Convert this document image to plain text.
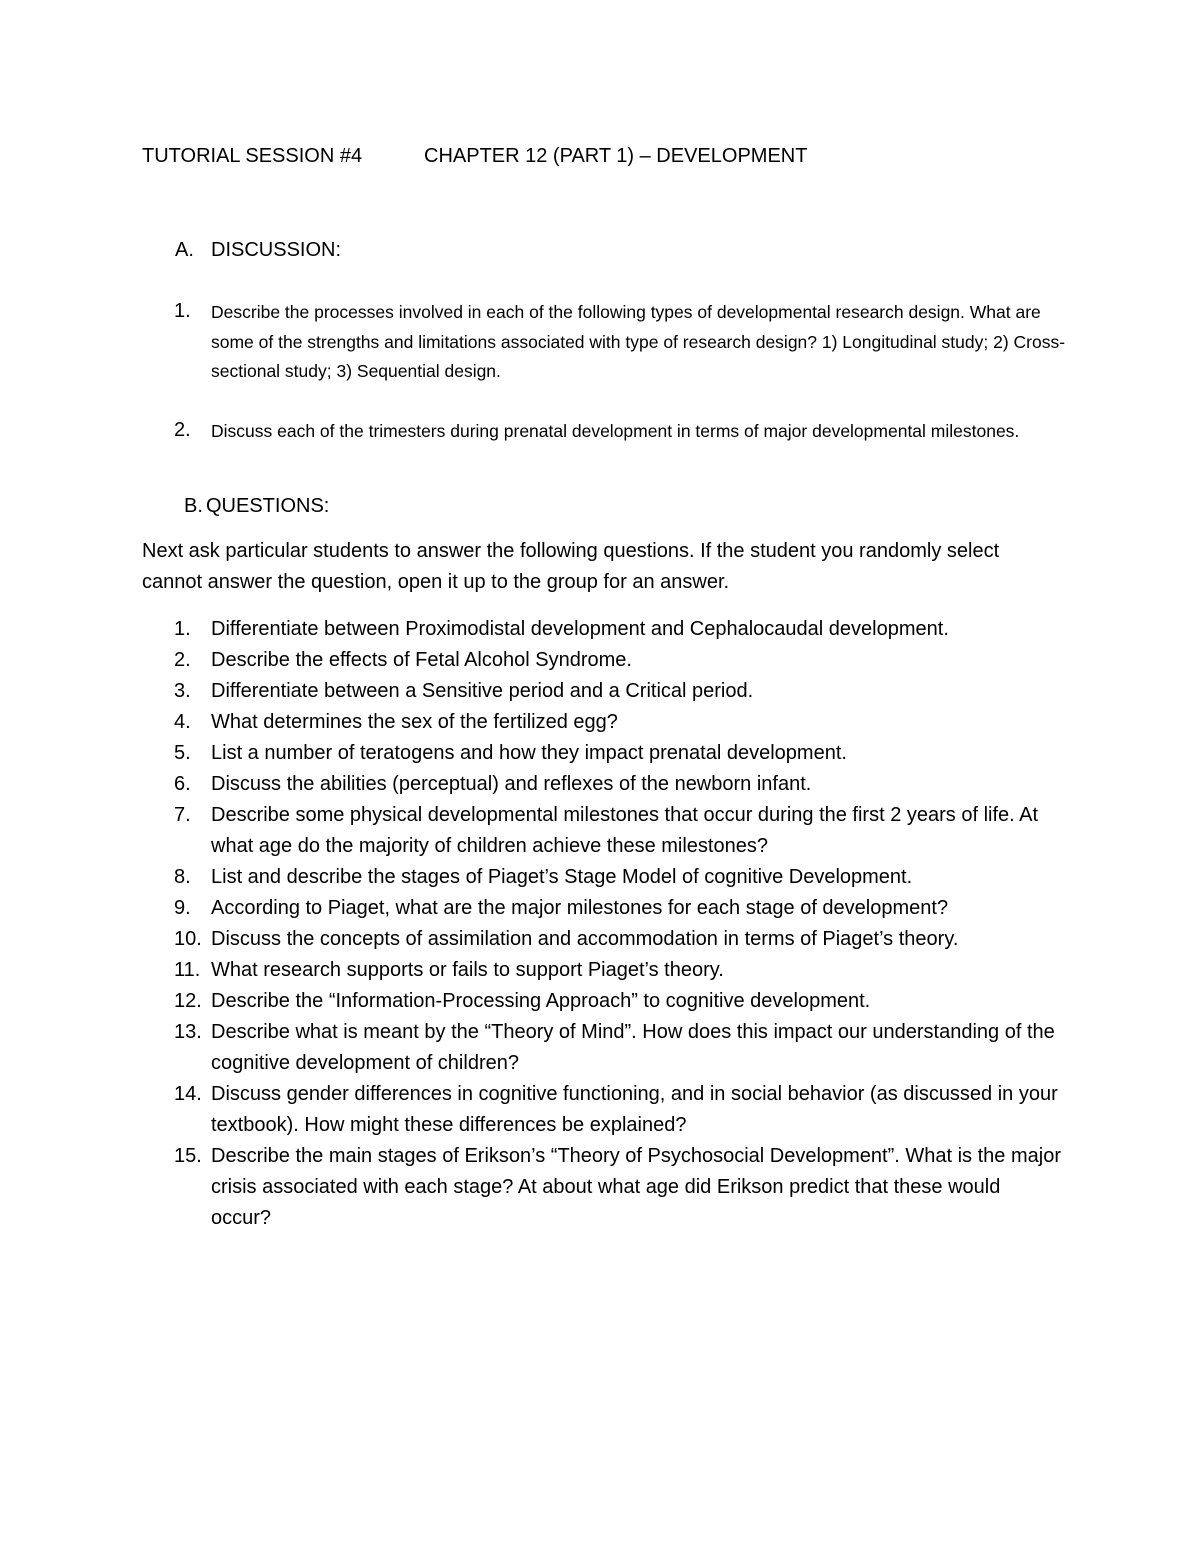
TUTORIAL SESSION #4	CHAPTER 12 (PART 1) – DEVELOPMENT
A. DISCUSSION:
1. Describe the processes involved in each of the following types of developmental research design. What are some of the strengths and limitations associated with type of research design? 1) Longitudinal study; 2) Cross-sectional study; 3) Sequential design.
2. Discuss each of the trimesters during prenatal development in terms of major developmental milestones.
B. QUESTIONS:
Next ask particular students to answer the following questions. If the student you randomly select cannot answer the question, open it up to the group for an answer.
1.	Differentiate between Proximodistal development and Cephalocaudal development.
2.	Describe the effects of Fetal Alcohol Syndrome.
3.	Differentiate between a Sensitive period and a Critical period.
4.	What determines the sex of the fertilized egg?
5.	List a number of teratogens and how they impact prenatal development.
6.	Discuss the abilities (perceptual) and reflexes of the newborn infant.
7.	Describe some physical developmental milestones that occur during the first 2 years of life. At what age do the majority of children achieve these milestones?
8.	List and describe the stages of Piaget’s Stage Model of cognitive Development.
9.	According to Piaget, what are the major milestones for each stage of development?
10. Discuss the concepts of assimilation and accommodation in terms of Piaget’s theory.
11. What research supports or fails to support Piaget’s theory.
12. Describe the “Information-Processing Approach” to cognitive development.
13. Describe what is meant by the “Theory of Mind”. How does this impact our understanding of the cognitive development of children?
14. Discuss gender differences in cognitive functioning, and in social behavior (as discussed in your textbook). How might these differences be explained?
15. Describe the main stages of Erikson’s “Theory of Psychosocial Development”. What is the major crisis associated with each stage? At about what age did Erikson predict that these would occur?
